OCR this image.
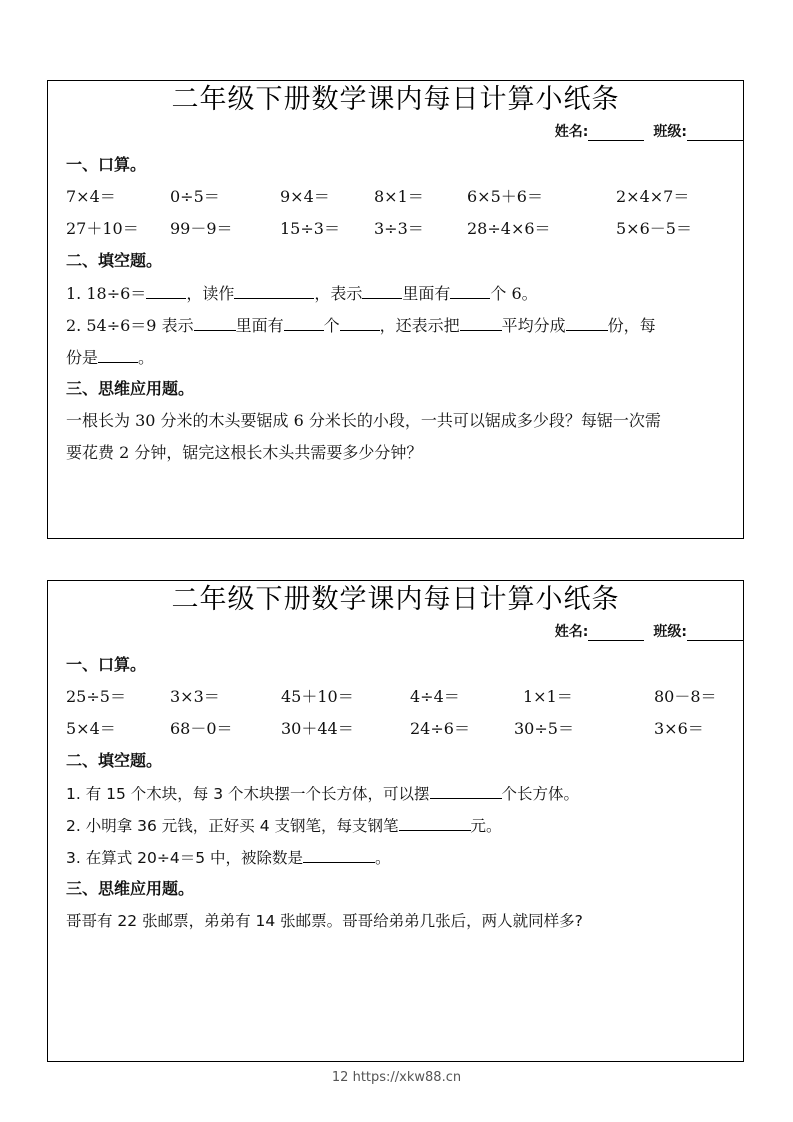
二年级下册数学课内每日计算小纸条
姓名:	班级:
一、口算。
7×4＝	0÷5＝	9×4＝	8×1＝	6×5＋6＝	2×4×7＝
27＋10＝ 99－9＝	15÷3＝ 3÷3＝	28÷4×6＝	5×6－5＝
二、填空题。
1. 18÷6＝	，读作	，表示	里面有	个 6。
2. 54÷6＝9 表示	里面有	个	，还表示把	平均分成	份，每
份是	。
三、思维应用题。
一根长为 30 分米的木头要锯成 6 分米长的小段，一共可以锯成多少段？每锯一次需
要花费 2 分钟，锯完这根长木头共需要多少分钟？
二年级下册数学课内每日计算小纸条
姓名:	班级:
一、口算。
25÷5＝	3×3＝	45＋10＝	4÷4＝	1×1＝	80－8＝
5×4＝	68－0＝	30＋44＝	24÷6＝	30÷5＝	3×6＝
二、填空题。
1. 有 15 个木块，每 3 个木块摆一个长方体，可以摆	个长方体。
2. 小明拿 36 元钱，正好买 4 支钢笔，每支钢笔	元。
3. 在算式 20÷4＝5 中，被除数是	。
三、思维应用题。
哥哥有 22 张邮票，弟弟有 14 张邮票。哥哥给弟弟几张后，两人就同样多?
12 https://xkw88.cn
